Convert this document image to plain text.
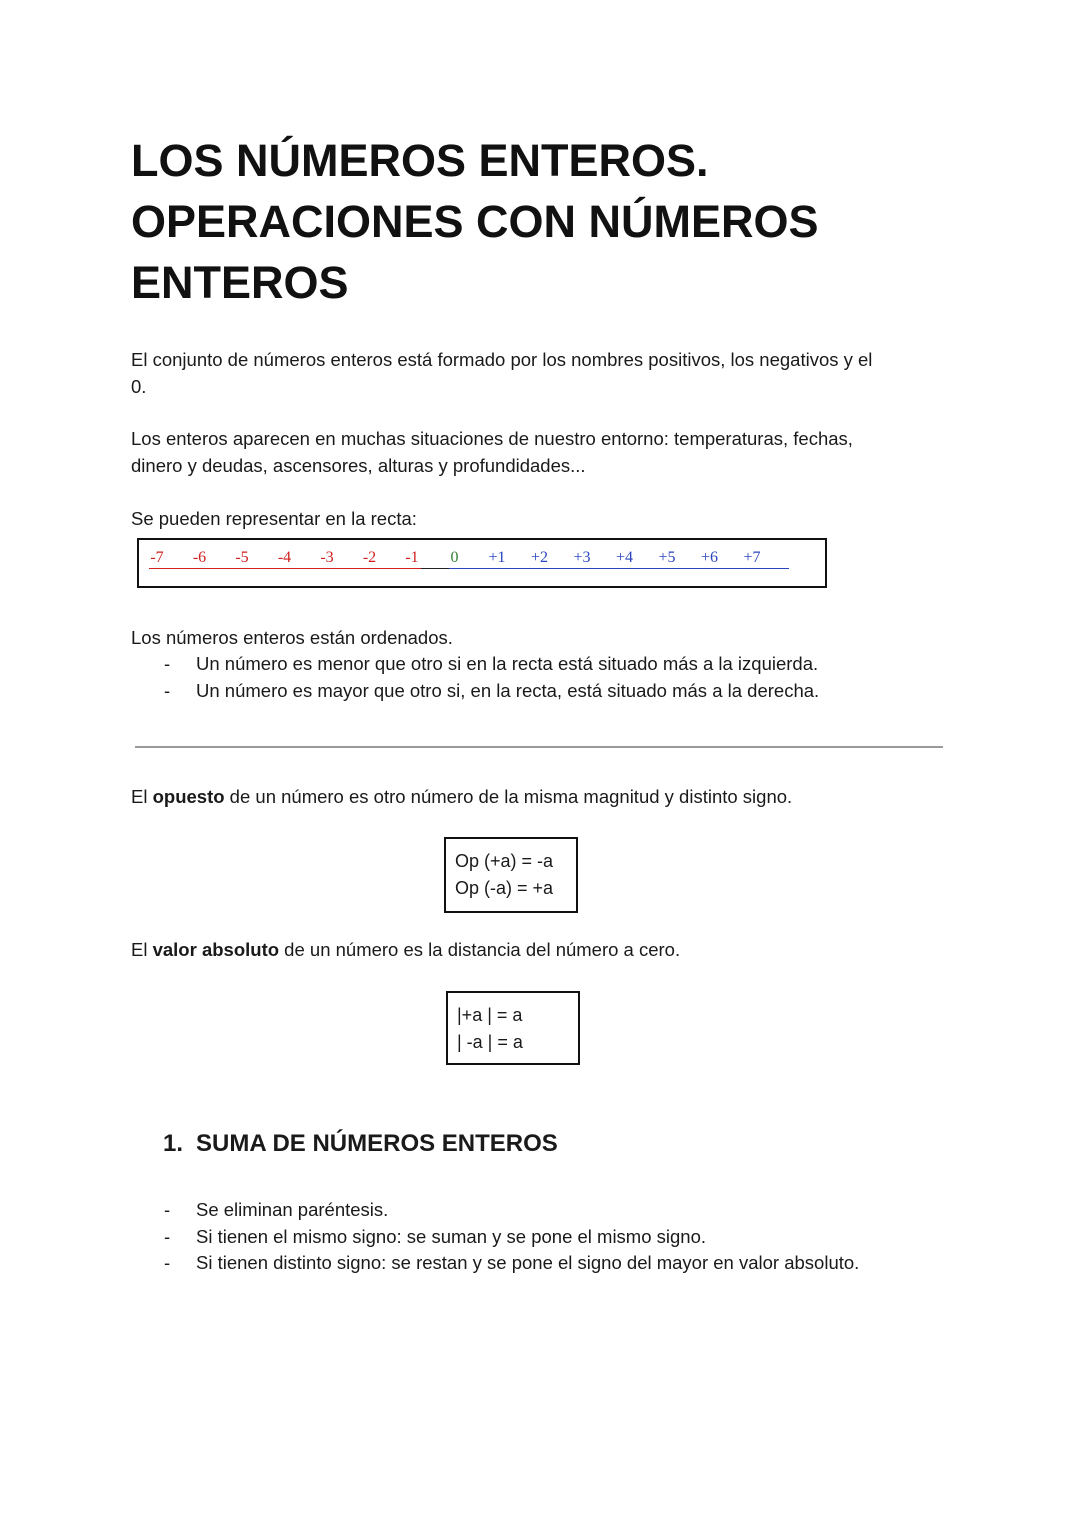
LOS NÚMEROS ENTEROS.
OPERACIONES CON NÚMEROS
ENTEROS

El conjunto de números enteros está formado por los nombres positivos, los negativos y el
0.

Los enteros aparecen en muchas situaciones de nuestro entorno: temperaturas, fechas,
dinero y deudas, ascensores, alturas y profundidades...

Se pueden representar en la recta:

-7	-6	-5	-4	-3	-2	-1	0	+1	+2	+3	+4	+5	+6	+7

Los números enteros están ordenados.

- Un número es menor que otro si en la recta está situado más a la izquierda.
- Un número es mayor que otro si, en la recta, está situado más a la derecha.

El opuesto de un número es otro número de la misma magnitud y distinto signo.

Op (+a) = -a
Op (-a) = +a

El valor absoluto de un número es la distancia del número a cero.

|+a | = a
| -a | = a
1. SUMA DE NÚMEROS ENTEROS
- Se eliminan paréntesis.
- Si tienen el mismo signo: se suman y se pone el mismo signo.
- Si tienen distinto signo: se restan y se pone el signo del mayor en valor absoluto.
